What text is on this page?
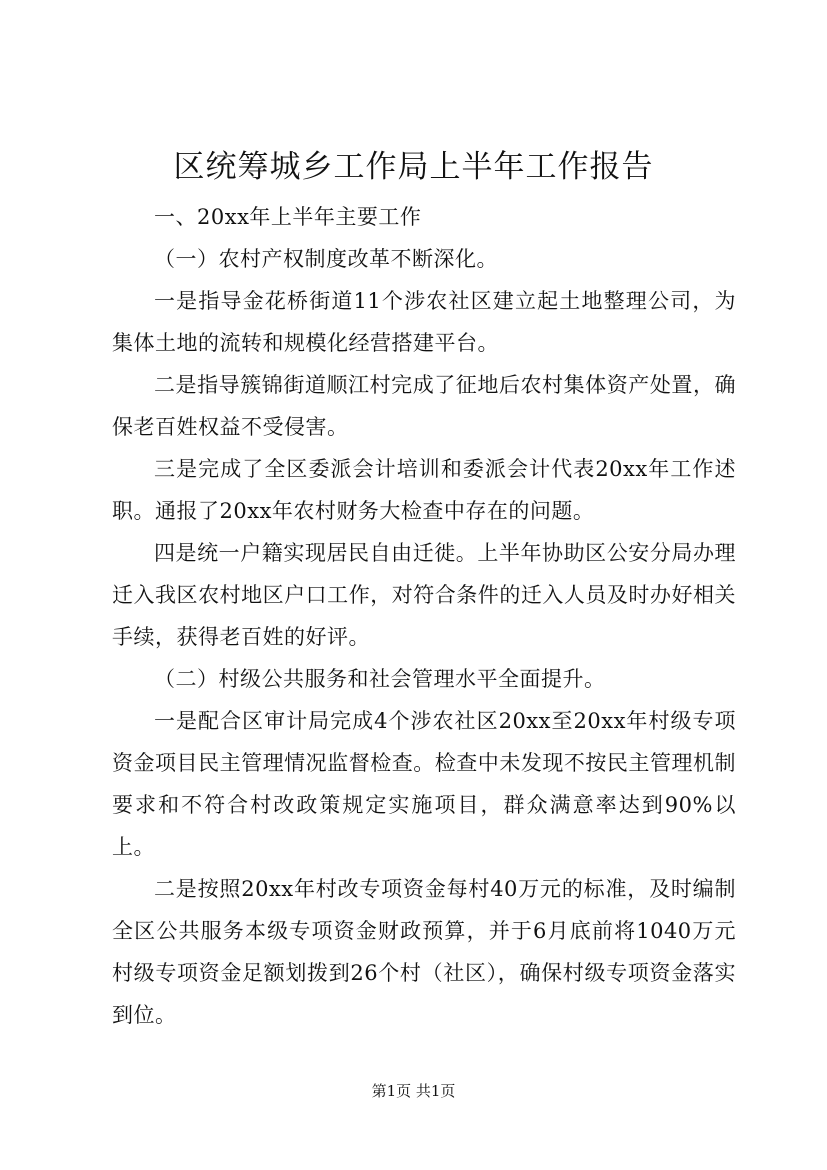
区统筹城乡工作局上半年工作报告

一、20xx年上半年主要工作

（一）农村产权制度改革不断深化。

一是指导金花桥街道11个涉农社区建立起土地整理公司，为集体土地的流转和规模化经营搭建平台。

二是指导簇锦街道顺江村完成了征地后农村集体资产处置，确保老百姓权益不受侵害。

三是完成了全区委派会计培训和委派会计代表20xx年工作述职。通报了20xx年农村财务大检查中存在的问题。

四是统一户籍实现居民自由迁徙。上半年协助区公安分局办理迁入我区农村地区户口工作，对符合条件的迁入人员及时办好相关手续，获得老百姓的好评。

（二）村级公共服务和社会管理水平全面提升。

一是配合区审计局完成4个涉农社区20xx至20xx年村级专项资金项目民主管理情况监督检查。检查中未发现不按民主管理机制要求和不符合村改政策规定实施项目，群众满意率达到90%以上。

二是按照20xx年村改专项资金每村40万元的标准，及时编制全区公共服务本级专项资金财政预算，并于6月底前将1040万元村级专项资金足额划拨到26个村（社区），确保村级专项资金落实到位。

第1页 共1页
